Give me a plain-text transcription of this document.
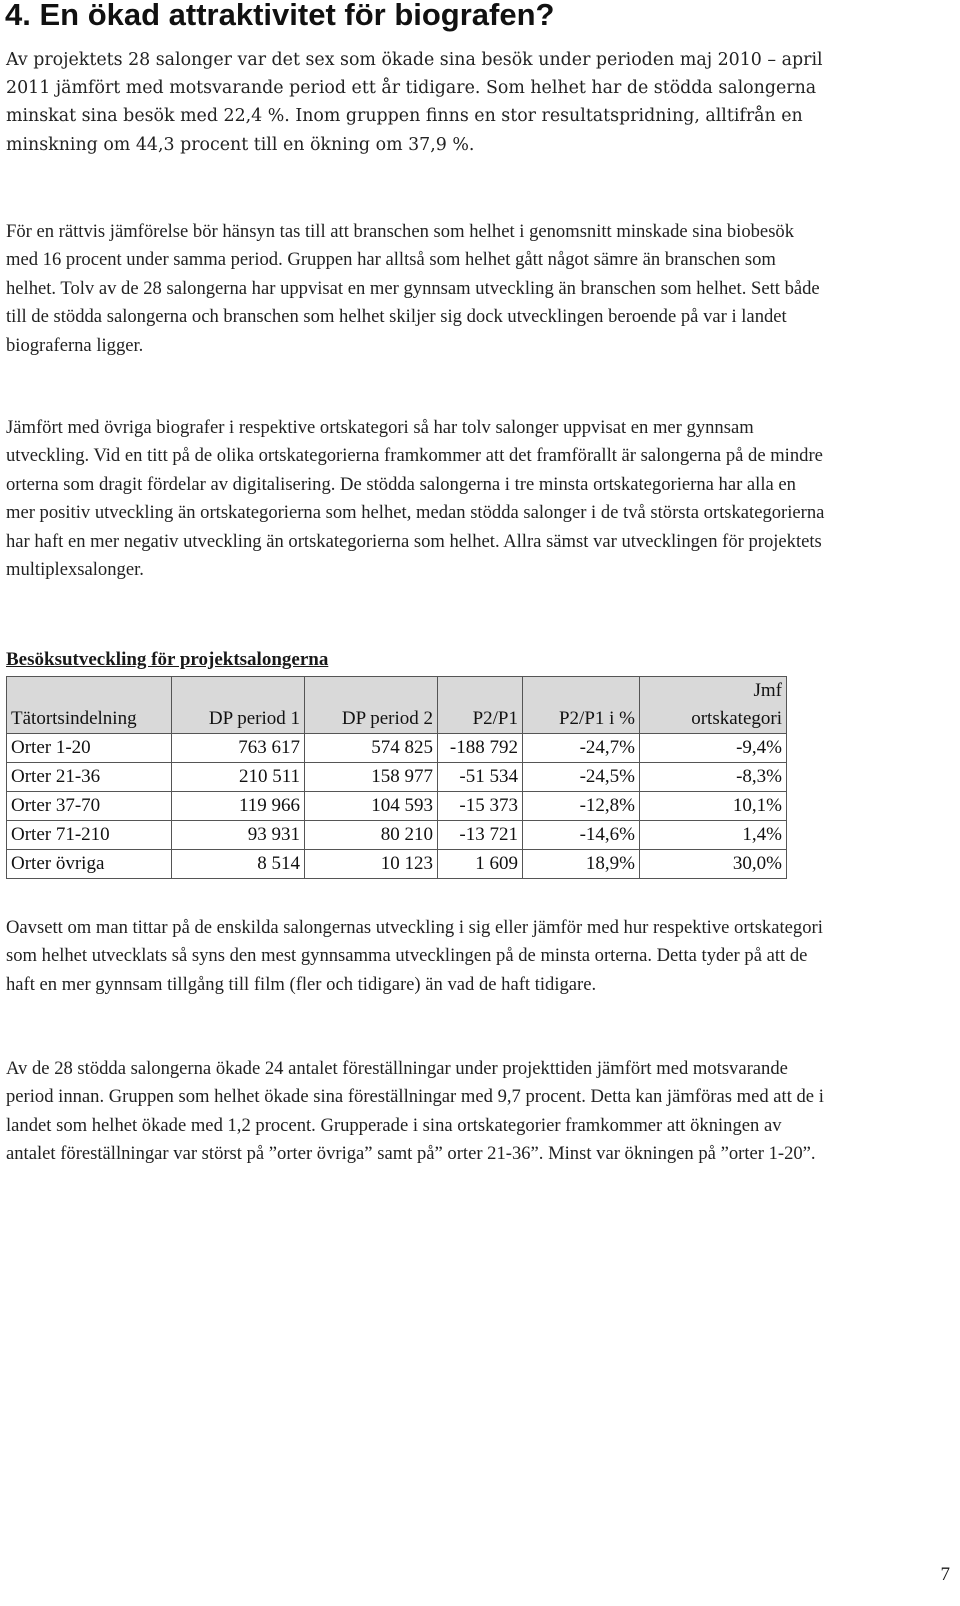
4. En ökad attraktivitet för biografen?

Av projektets 28 salonger var det sex som ökade sina besök under perioden maj 2010 – april 2011 jämfört med motsvarande period ett år tidigare. Som helhet har de stödda salongerna minskat sina besök med 22,4 %. Inom gruppen finns en stor resultatspridning, alltifrån en minskning om 44,3 procent till en ökning om 37,9 %.

För en rättvis jämförelse bör hänsyn tas till att branschen som helhet i genomsnitt minskade sina biobesök med 16 procent under samma period. Gruppen har alltså som helhet gått något sämre än branschen som helhet. Tolv av de 28 salongerna har uppvisat en mer gynnsam utveckling än branschen som helhet. Sett både till de stödda salongerna och branschen som helhet skiljer sig dock utvecklingen beroende på var i landet biograferna ligger.

Jämfört med övriga biografer i respektive ortskategori så har tolv salonger uppvisat en mer gynnsam utveckling. Vid en titt på de olika ortskategorierna framkommer att det framförallt är salongerna på de mindre orterna som dragit fördelar av digitalisering. De stödda salongerna i tre minsta ortskategorierna har alla en mer positiv utveckling än ortskategorierna som helhet, medan stödda salonger i de två största ortskategorierna har haft en mer negativ utveckling än ortskategorierna som helhet. Allra sämst var utvecklingen för projektets multiplexsalonger.

Besöksutveckling för projektsalongerna
Tätortsindelning	DP period 1	DP period 2	P2/P1	P2/P1 i %	Jmf
ortskategori
Orter 1-20	763 617	574 825	-188 792	-24,7%	-9,4%
Orter 21-36	210 511	158 977	-51 534	-24,5%	-8,3%
Orter 37-70	119 966	104 593	-15 373	-12,8%	10,1%
Orter 71-210	93 931	80 210	-13 721	-14,6%	1,4%
Orter övriga	8 514	10 123	1 609	18,9%	30,0%

Oavsett om man tittar på de enskilda salongernas utveckling i sig eller jämför med hur respektive ortskategori som helhet utvecklats så syns den mest gynnsamma utvecklingen på de minsta orterna. Detta tyder på att de haft en mer gynnsam tillgång till film (fler och tidigare) än vad de haft tidigare.

Av de 28 stödda salongerna ökade 24 antalet föreställningar under projekttiden jämfört med motsvarande period innan. Gruppen som helhet ökade sina föreställningar med 9,7 procent. Detta kan jämföras med att de i landet som helhet ökade med 1,2 procent. Grupperade i sina ortskategorier framkommer att ökningen av antalet föreställningar var störst på ”orter övriga” samt på” orter 21-36”. Minst var ökningen på ”orter 1-20”.

7
